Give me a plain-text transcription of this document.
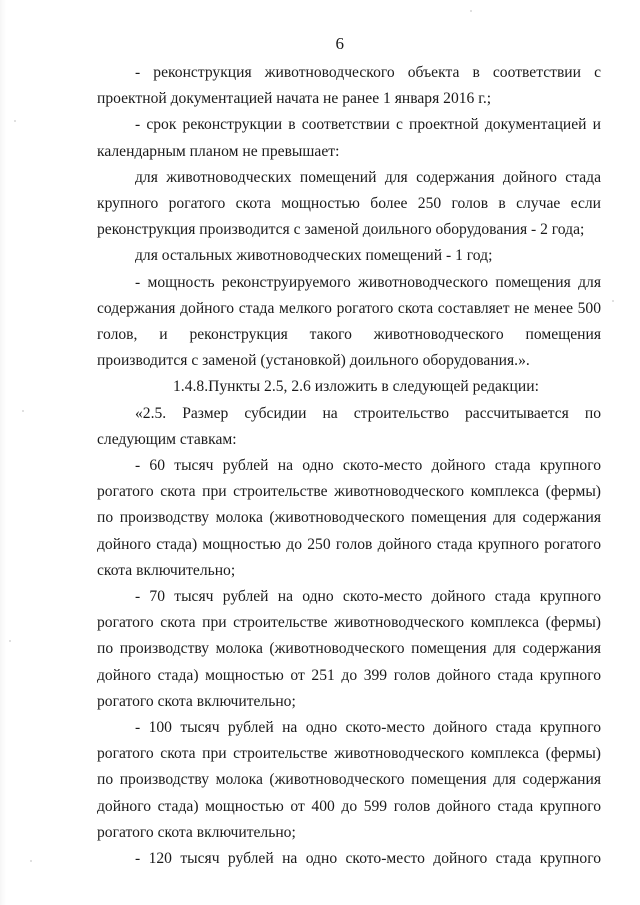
6

- реконструкция животноводческого объекта в соответствии с проектной документацией начата не ранее 1 января 2016 г.;

- срок реконструкции в соответствии с проектной документацией и календарным планом не превышает:

для животноводческих помещений для содержания дойного стада крупного рогатого скота мощностью более 250 голов в случае если реконструкция производится с заменой доильного оборудования - 2 года;

для остальных животноводческих помещений - 1 год;

- мощность реконструируемого животноводческого помещения для содержания дойного стада мелкого рогатого скота составляет не менее 500 голов, и реконструкция такого животноводческого помещения производится с заменой (установкой) доильного оборудования.».

1.4.8.Пункты 2.5, 2.6 изложить в следующей редакции:

«2.5. Размер субсидии на строительство рассчитывается по следующим ставкам:

- 60 тысяч рублей на одно ското-место дойного стада крупного рогатого скота при строительстве животноводческого комплекса (фермы) по производству молока (животноводческого помещения для содержания дойного стада) мощностью до 250 голов дойного стада крупного рогатого скота включительно;

- 70 тысяч рублей на одно ското-место дойного стада крупного рогатого скота при строительстве животноводческого комплекса (фермы) по производству молока (животноводческого помещения для содержания дойного стада) мощностью от 251 до 399 голов дойного стада крупного рогатого скота включительно;

- 100 тысяч рублей на одно ското-место дойного стада крупного рогатого скота при строительстве животноводческого комплекса (фермы) по производству молока (животноводческого помещения для содержания дойного стада) мощностью от 400 до 599 голов дойного стада крупного рогатого скота включительно;

- 120 тысяч рублей на одно ското-место дойного стада крупного
